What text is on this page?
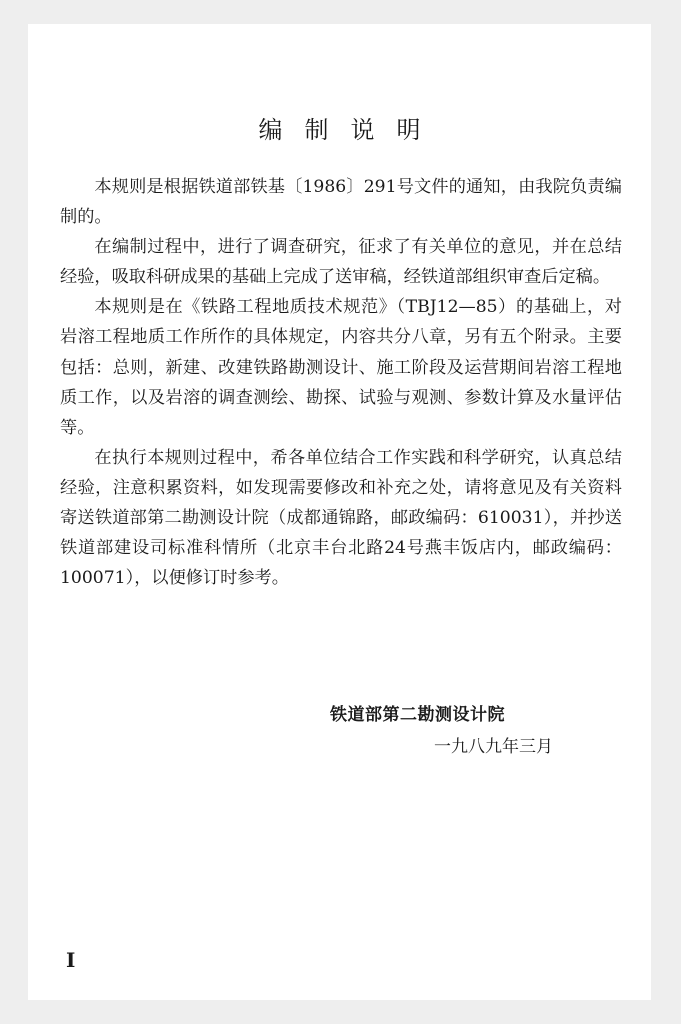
编制说明

本规则是根据铁道部铁基〔1986〕291号文件的通知，由我院负责编制的。

在编制过程中，进行了调查研究，征求了有关单位的意见，并在总结经验，吸取科研成果的基础上完成了送审稿，经铁道部组织审查后定稿。

本规则是在《铁路工程地质技术规范》（TBJ12—85）的基础上，对岩溶工程地质工作所作的具体规定，内容共分八章，另有五个附录。主要包括：总则，新建、改建铁路勘测设计、施工阶段及运营期间岩溶工程地质工作，以及岩溶的调查测绘、勘探、试验与观测、参数计算及水量评估等。

在执行本规则过程中，希各单位结合工作实践和科学研究，认真总结经验，注意积累资料，如发现需要修改和补充之处，请将意见及有关资料寄送铁道部第二勘测设计院（成都通锦路，邮政编码：610031），并抄送铁道部建设司标准科情所（北京丰台北路24号燕丰饭店内，邮政编码：100071），以便修订时参考。

铁道部第二勘测设计院
一九八九年三月
I
